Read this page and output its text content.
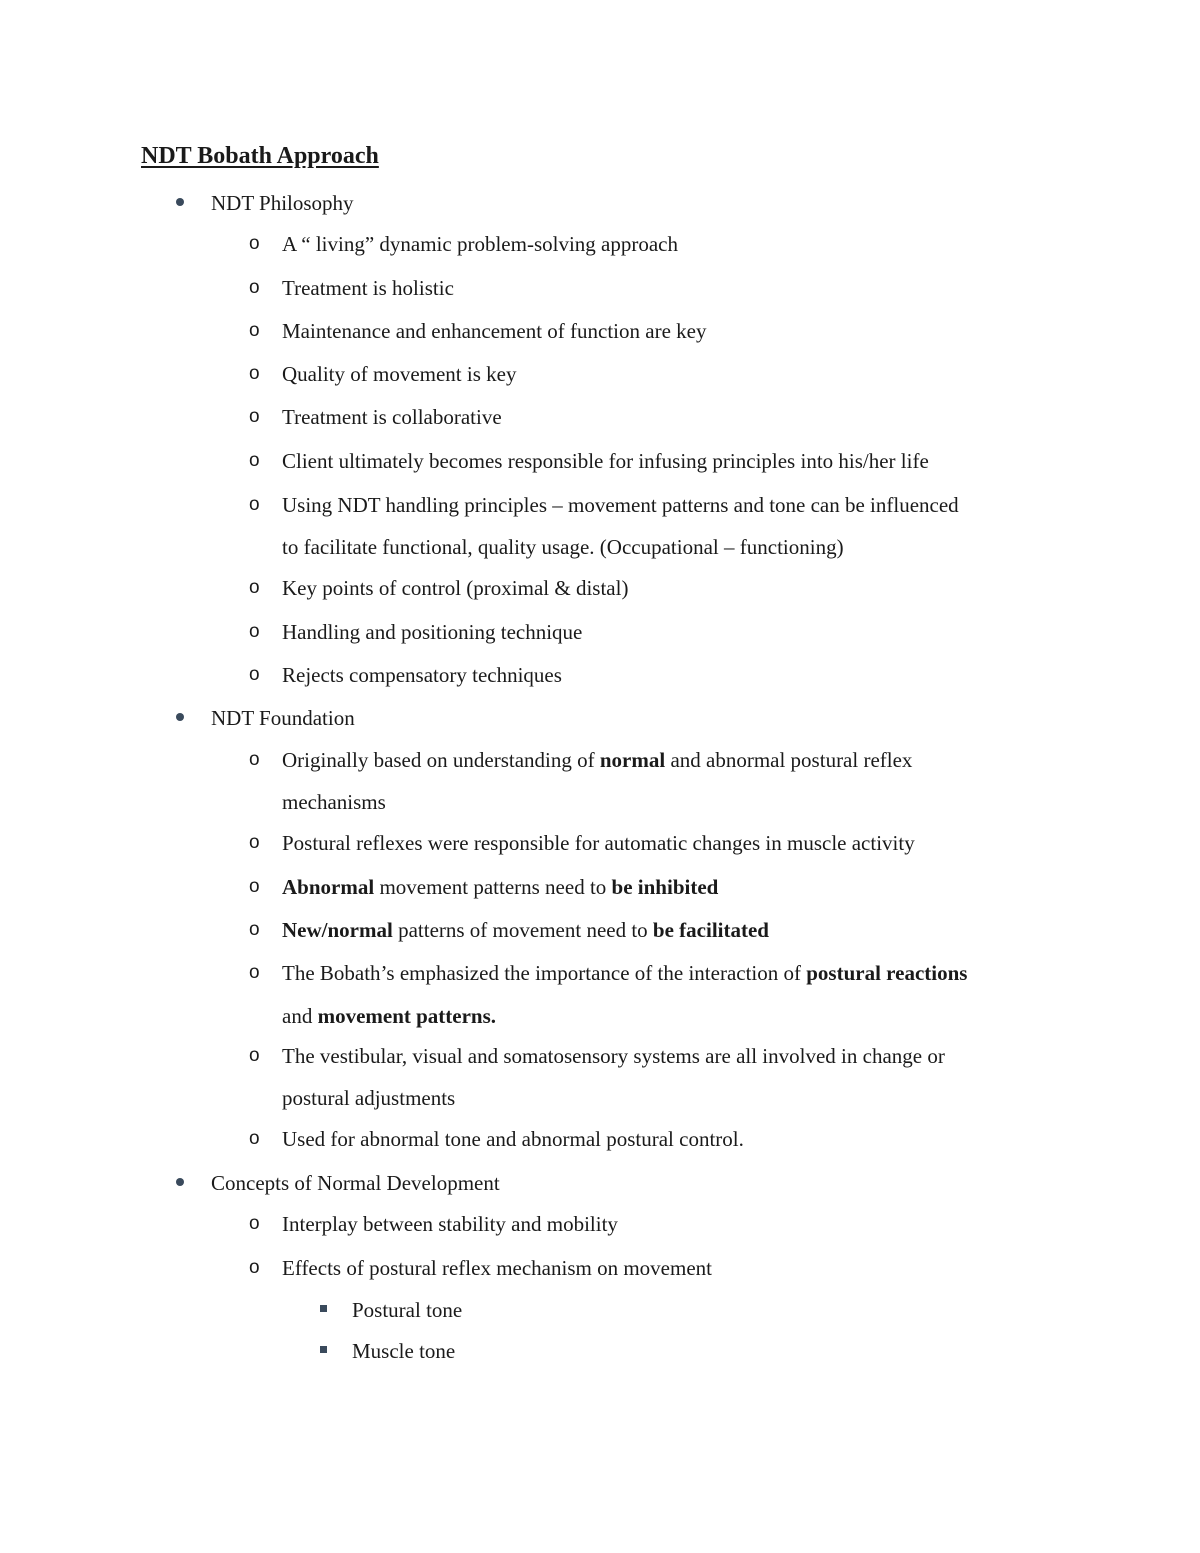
NDT Bobath Approach
NDT Philosophy
o A “ living” dynamic problem-solving approach
o Treatment is holistic
o Maintenance and enhancement of function are key
o Quality of movement is key
o Treatment is collaborative
o Client ultimately becomes responsible for infusing principles into his/her life
o Using NDT handling principles – movement patterns and tone can be influenced
to facilitate functional, quality usage. (Occupational – functioning)
o Key points of control (proximal & distal)
o Handling and positioning technique
o Rejects compensatory techniques
NDT Foundation
o Originally based on understanding of normal and abnormal postural reflex
mechanisms
o Postural reflexes were responsible for automatic changes in muscle activity
o Abnormal movement patterns need to be inhibited
o New/normal patterns of movement need to be facilitated
o The Bobath’s emphasized the importance of the interaction of postural reactions
and movement patterns.
o The vestibular, visual and somatosensory systems are all involved in change or
postural adjustments
o Used for abnormal tone and abnormal postural control.
Concepts of Normal Development
o Interplay between stability and mobility
o Effects of postural reflex mechanism on movement
Postural tone
Muscle tone
